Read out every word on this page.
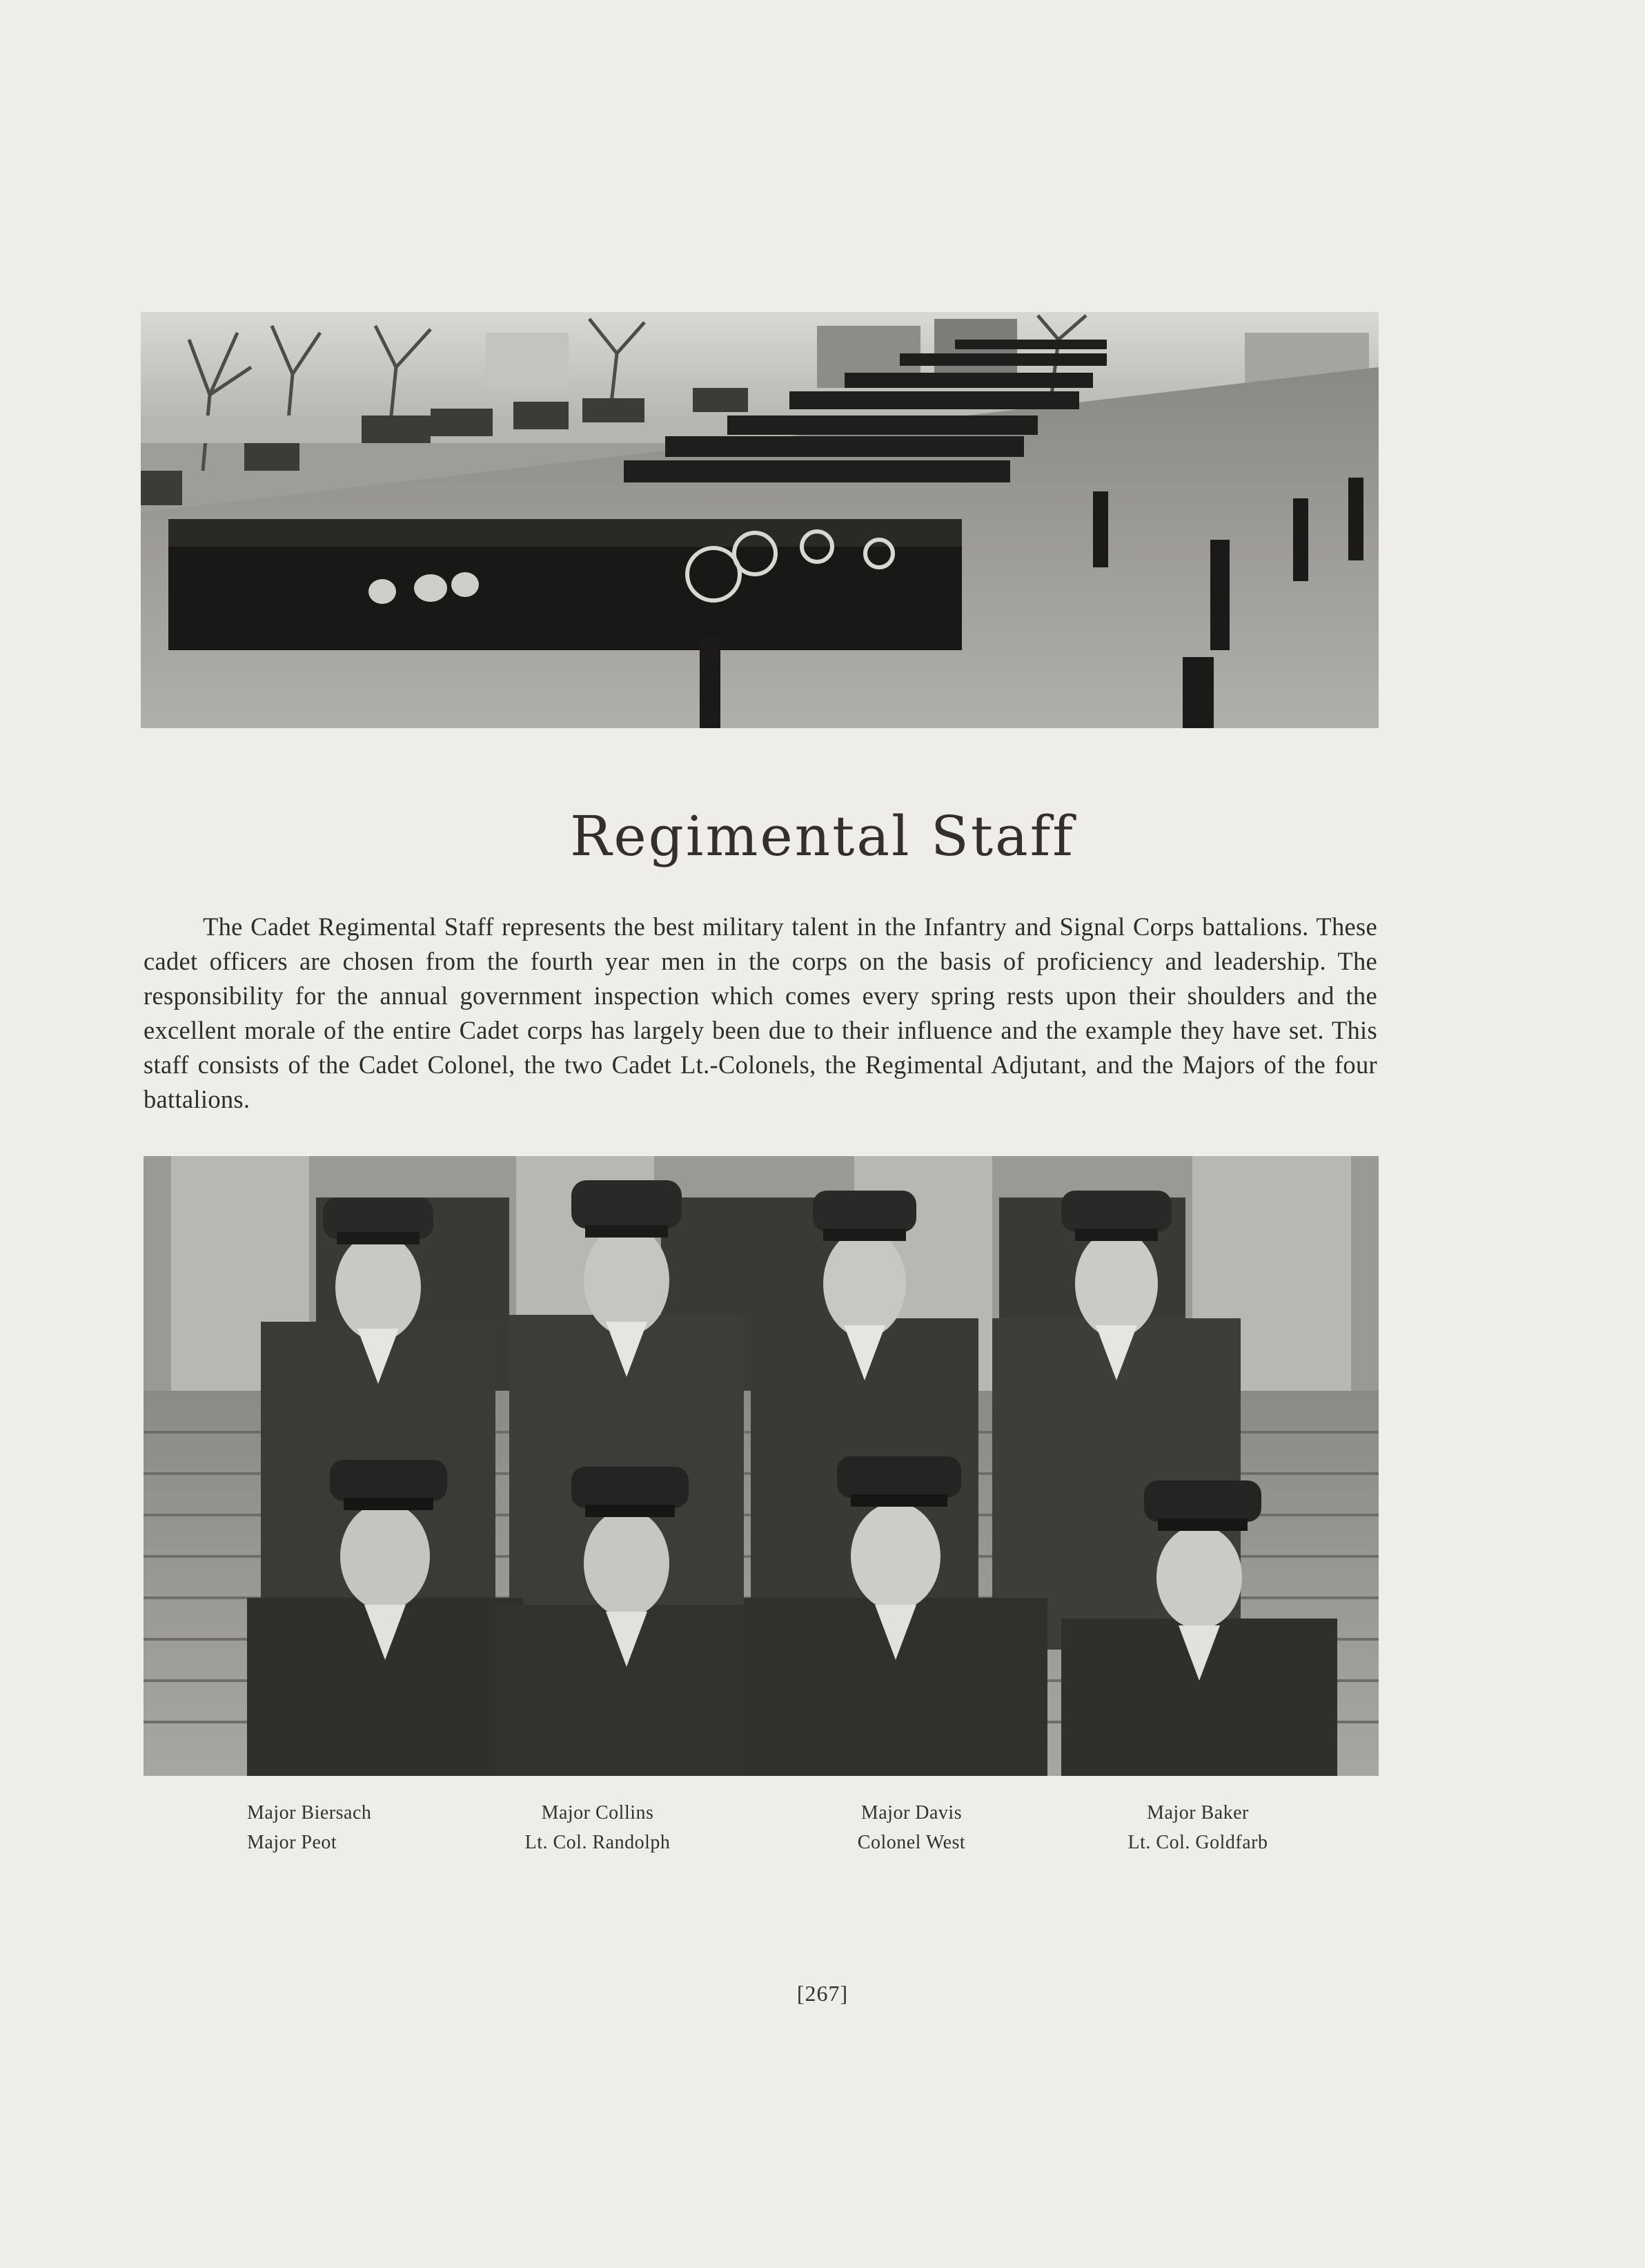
Regimental Staff

The Cadet Regimental Staff represents the best military talent in the Infantry and Signal Corps battalions. These cadet officers are chosen from the fourth year men in the corps on the basis of proficiency and leadership. The responsibility for the annual government inspection which comes every spring rests upon their shoulders and the excellent morale of the entire Cadet corps has largely been due to their influence and the example they have set. This staff consists of the Cadet Colonel, the two Cadet Lt.-Colonels, the Regimental Adjutant, and the Majors of the four battalions.

Major Biersach
Major Peot
Major Collins
Lt. Col. Randolph
Major Davis
Colonel West
Major Baker
Lt. Col. Goldfarb
[267]
